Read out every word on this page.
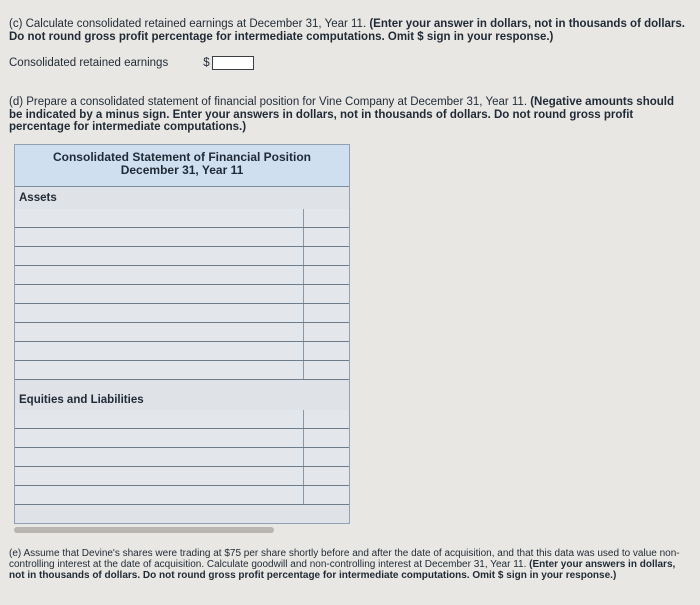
(c) Calculate consolidated retained earnings at December 31, Year 11. (Enter your answer in dollars, not in thousands of dollars. Do not round gross profit percentage for intermediate computations. Omit $ sign in your response.)
Consolidated retained earnings	$
(d) Prepare a consolidated statement of financial position for Vine Company at December 31, Year 11. (Negative amounts should be indicated by a minus sign. Enter your answers in dollars, not in thousands of dollars. Do not round gross profit percentage for intermediate computations.)
Consolidated Statement of Financial Position
December 31, Year 11
Assets
Equities and Liabilities
(e) Assume that Devine's shares were trading at $75 per share shortly before and after the date of acquisition, and that this data was used to value non-controlling interest at the date of acquisition. Calculate goodwill and non-controlling interest at December 31, Year 11. (Enter your answers in dollars, not in thousands of dollars. Do not round gross profit percentage for intermediate computations. Omit $ sign in your response.)
